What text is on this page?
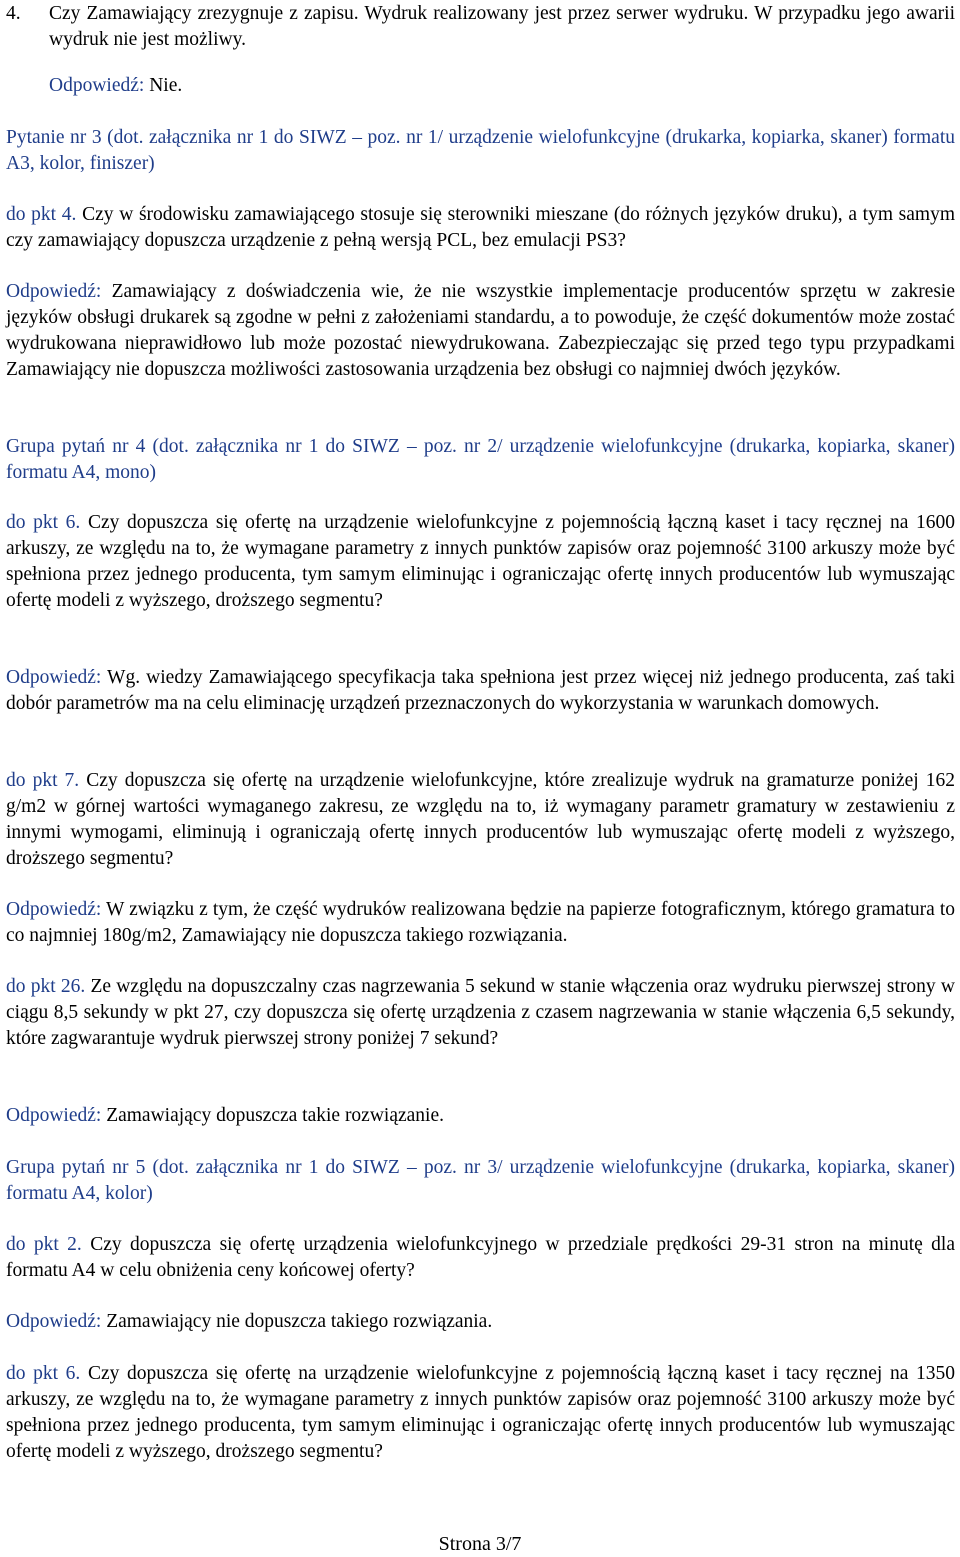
4. Czy Zamawiający zrezygnuje z zapisu. Wydruk realizowany jest przez serwer wydruku. W przypadku jego awarii wydruk nie jest możliwy.

Odpowiedź: Nie.

Pytanie nr 3 (dot. załącznika nr 1 do SIWZ – poz. nr 1/ urządzenie wielofunkcyjne (drukarka, kopiarka, skaner) formatu A3, kolor, finiszer)

do pkt 4. Czy w środowisku zamawiającego stosuje się sterowniki mieszane (do różnych języków druku), a tym samym czy zamawiający dopuszcza urządzenie z pełną wersją PCL, bez emulacji PS3?

Odpowiedź: Zamawiający z doświadczenia wie, że nie wszystkie implementacje producentów sprzętu w zakresie języków obsługi drukarek są zgodne w pełni z założeniami standardu, a to powoduje, że część dokumentów może zostać wydrukowana nieprawidłowo lub może pozostać niewydrukowana. Zabezpieczając się przed tego typu przypadkami Zamawiający nie dopuszcza możliwości zastosowania urządzenia bez obsługi co najmniej dwóch języków.

Grupa pytań nr 4 (dot. załącznika nr 1 do SIWZ – poz. nr 2/ urządzenie wielofunkcyjne (drukarka, kopiarka, skaner) formatu A4, mono)

do pkt 6. Czy dopuszcza się ofertę na urządzenie wielofunkcyjne z pojemnością łączną kaset i tacy ręcznej na 1600 arkuszy, ze względu na to, że wymagane parametry z innych punktów zapisów oraz pojemność 3100 arkuszy może być spełniona przez jednego producenta, tym samym eliminując i ograniczając ofertę innych producentów lub wymuszając ofertę modeli z wyższego, droższego segmentu?

Odpowiedź: Wg. wiedzy Zamawiającego specyfikacja taka spełniona jest przez więcej niż jednego producenta, zaś taki dobór parametrów ma na celu eliminację urządzeń przeznaczonych do wykorzystania w warunkach domowych.

do pkt 7. Czy dopuszcza się ofertę na urządzenie wielofunkcyjne, które zrealizuje wydruk na gramaturze poniżej 162 g/m2 w górnej wartości wymaganego zakresu, ze względu na to, iż wymagany parametr gramatury w zestawieniu z innymi wymogami, eliminują i ograniczają ofertę innych producentów lub wymuszając ofertę modeli z wyższego, droższego segmentu?

Odpowiedź: W związku z tym, że część wydruków realizowana będzie na papierze fotograficznym, którego gramatura to co najmniej 180g/m2, Zamawiający nie dopuszcza takiego rozwiązania.

do pkt 26. Ze względu na dopuszczalny czas nagrzewania 5 sekund w stanie włączenia oraz wydruku pierwszej strony w ciągu 8,5 sekundy w pkt 27, czy dopuszcza się ofertę urządzenia z czasem nagrzewania w stanie włączenia 6,5 sekundy, które zagwarantuje wydruk pierwszej strony poniżej 7 sekund?

Odpowiedź: Zamawiający dopuszcza takie rozwiązanie.

Grupa pytań nr 5 (dot. załącznika nr 1 do SIWZ – poz. nr 3/ urządzenie wielofunkcyjne (drukarka, kopiarka, skaner) formatu A4, kolor)

do pkt 2. Czy dopuszcza się ofertę urządzenia wielofunkcyjnego w przedziale prędkości 29-31 stron na minutę dla formatu A4 w celu obniżenia ceny końcowej oferty?

Odpowiedź: Zamawiający nie dopuszcza takiego rozwiązania.

do pkt 6. Czy dopuszcza się ofertę na urządzenie wielofunkcyjne z pojemnością łączną kaset i tacy ręcznej na 1350 arkuszy, ze względu na to, że wymagane parametry z innych punktów zapisów oraz pojemność 3100 arkuszy może być spełniona przez jednego producenta, tym samym eliminując i ograniczając ofertę innych producentów lub wymuszając ofertę modeli z wyższego, droższego segmentu?

Strona 3/7
